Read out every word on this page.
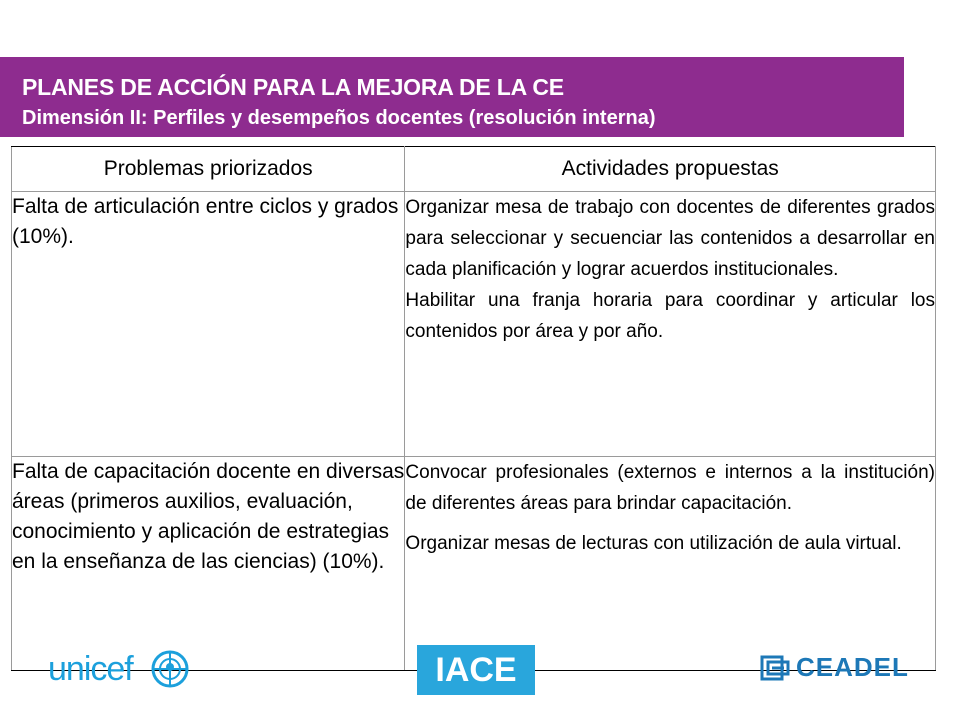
PLANES DE ACCIÓN PARA LA MEJORA DE LA CE
Dimensión II: Perfiles y desempeños docentes (resolución interna)
Problemas priorizados	Actividades propuestas
Falta de articulación entre ciclos y grados (10%).	Organizar mesa de trabajo con docentes de diferentes grados para seleccionar y secuenciar las contenidos a desarrollar en cada planificación y lograr acuerdos institucionales.

Habilitar una franja horaria para coordinar y articular los contenidos por área y por año.

Falta de capacitación docente en diversas áreas (primeros auxilios, evaluación, conocimiento y aplicación de estrategias en la enseñanza de las ciencias) (10%).	Convocar profesionales (externos e internos a la institución) de diferentes áreas para brindar capacitación.

Organizar mesas de lecturas con utilización de aula virtual.

unicef	IACE	CEADEL
